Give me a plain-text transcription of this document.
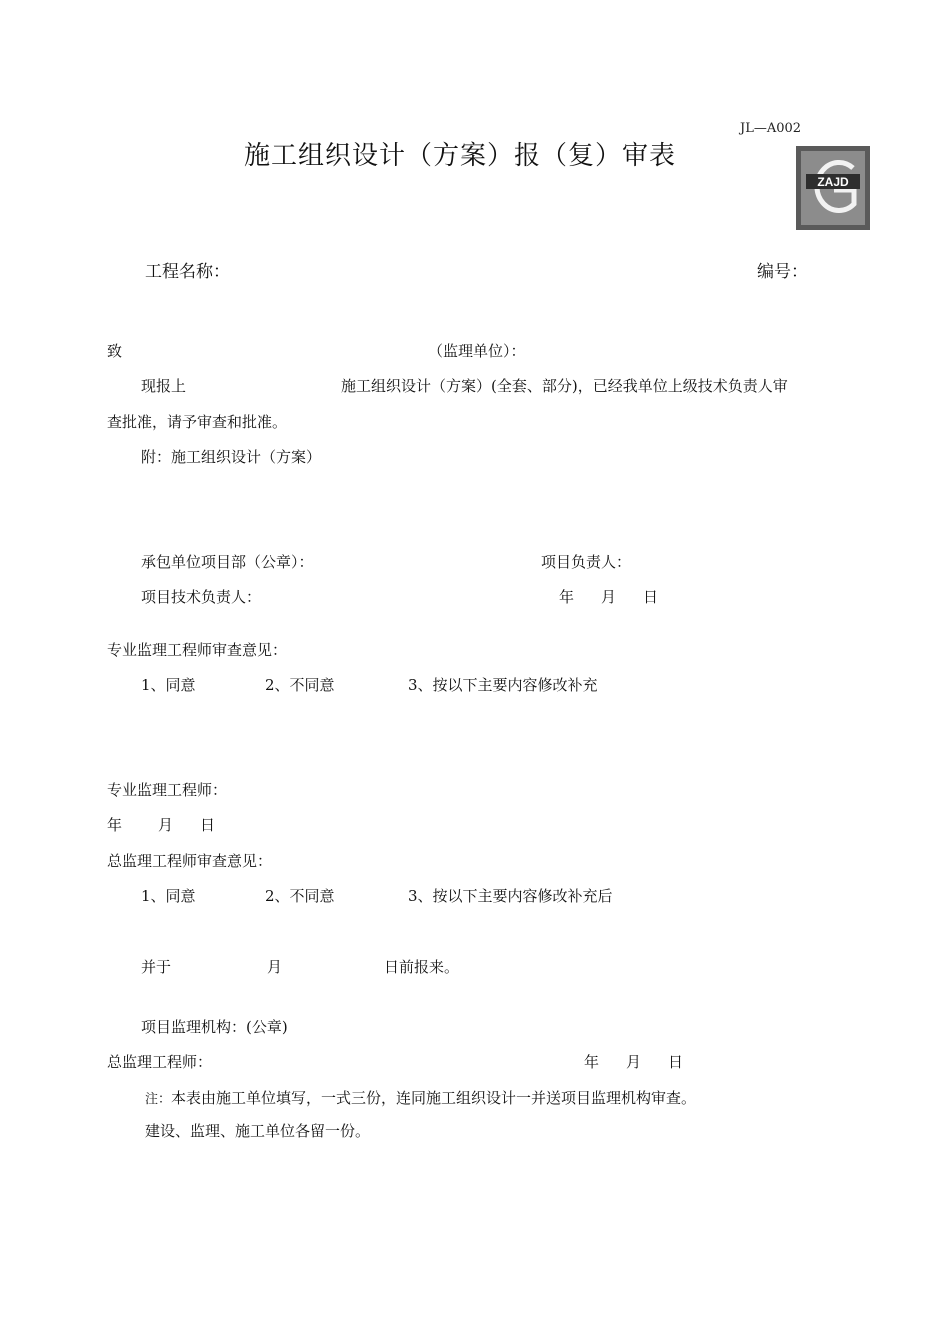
JL—A002
施工组织设计（方案）报（复）审表
ZAJD
工程名称：	编号：
致	（监理单位）：
现报上	施工组织设计（方案）(全套、部分)，已经我单位上级技术负责人审
查批准，请予审查和批准。
附：施工组织设计（方案）
承包单位项目部（公章）：	项目负责人：
项目技术负责人：	年 月 日
专业监理工程师审查意见：
1、同意	2、不同意	3、按以下主要内容修改补充
专业监理工程师：
年 月 日
总监理工程师审查意见：
1、同意	2、不同意	3、按以下主要内容修改补充后
并于	月	日前报来。
项目监理机构：(公章)
总监理工程师：	年 月 日
注：本表由施工单位填写，一式三份，连同施工组织设计一并送项目监理机构审查。
建设、监理、施工单位各留一份。
